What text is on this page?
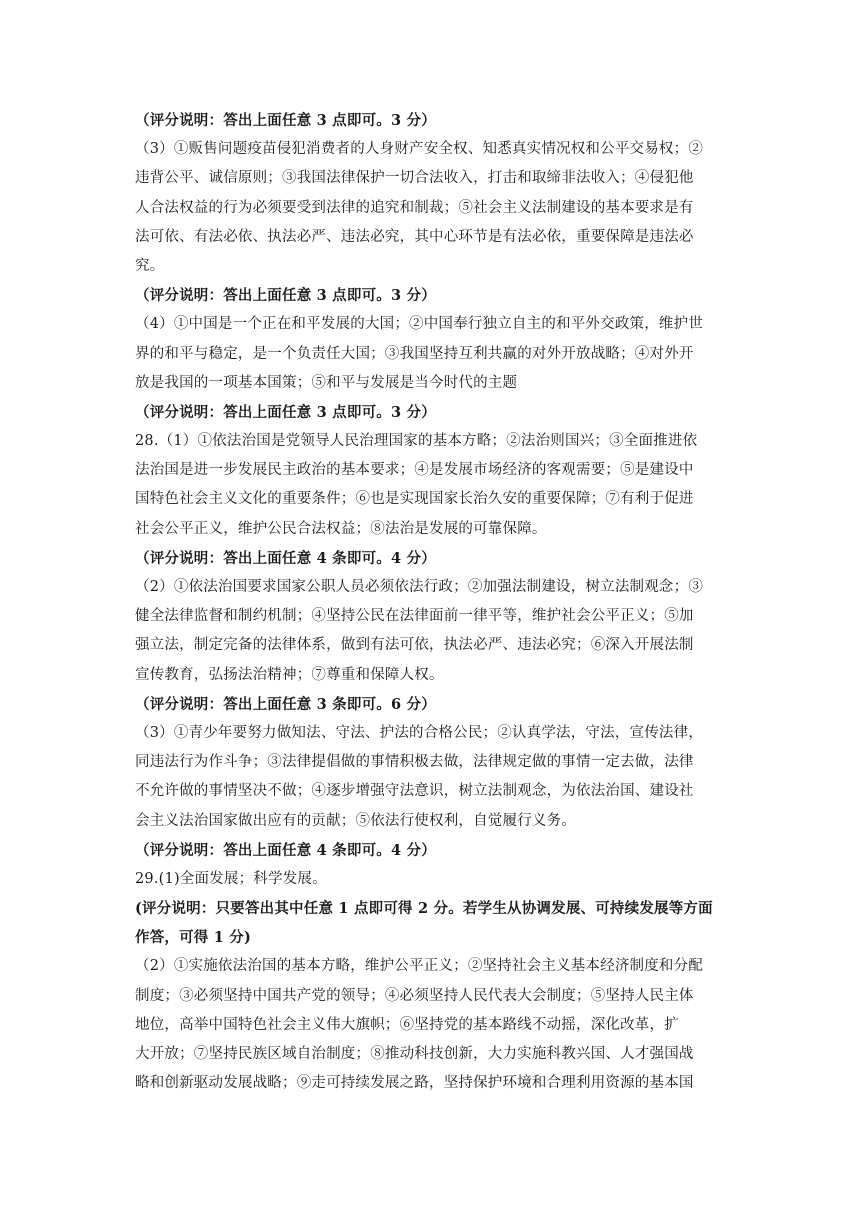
（评分说明：答出上面任意 3 点即可。3 分）
（3）①贩售问题疫苗侵犯消费者的人身财产安全权、知悉真实情况权和公平交易权；②
违背公平、诚信原则；③我国法律保护一切合法收入，打击和取缔非法收入；④侵犯他
人合法权益的行为必须要受到法律的追究和制裁；⑤社会主义法制建设的基本要求是有
法可依、有法必依、执法必严、违法必究，其中心环节是有法必依，重要保障是违法必
究。
（评分说明：答出上面任意 3 点即可。3 分）
（4）①中国是一个正在和平发展的大国；②中国奉行独立自主的和平外交政策，维护世
界的和平与稳定，是一个负责任大国；③我国坚持互利共赢的对外开放战略；④对外开
放是我国的一项基本国策；⑤和平与发展是当今时代的主题
（评分说明：答出上面任意 3 点即可。3 分）
28.（1）①依法治国是党领导人民治理国家的基本方略；②法治则国兴；③全面推进依
法治国是进一步发展民主政治的基本要求；④是发展市场经济的客观需要；⑤是建设中
国特色社会主义文化的重要条件；⑥也是实现国家长治久安的重要保障；⑦有利于促进
社会公平正义，维护公民合法权益；⑧法治是发展的可靠保障。
（评分说明：答出上面任意 4 条即可。4 分）
（2）①依法治国要求国家公职人员必须依法行政；②加强法制建设，树立法制观念；③
健全法律监督和制约机制；④坚持公民在法律面前一律平等，维护社会公平正义；⑤加
强立法，制定完备的法律体系，做到有法可依，执法必严、违法必究；⑥深入开展法制
宣传教育，弘扬法治精神；⑦尊重和保障人权。
（评分说明：答出上面任意 3 条即可。6 分）
（3）①青少年要努力做知法、守法、护法的合格公民；②认真学法，守法，宣传法律，
同违法行为作斗争；③法律提倡做的事情积极去做，法律规定做的事情一定去做，法律
不允许做的事情坚决不做；④逐步增强守法意识，树立法制观念，为依法治国、建设社
会主义法治国家做出应有的贡献；⑤依法行使权利，自觉履行义务。
（评分说明：答出上面任意 4 条即可。4 分）
29.(1)全面发展；科学发展。
(评分说明：只要答出其中任意 1 点即可得 2 分。若学生从协调发展、可持续发展等方面
作答，可得 1 分)
（2）①实施依法治国的基本方略，维护公平正义；②坚持社会主义基本经济制度和分配
制度；③必须坚持中国共产党的领导；④必须坚持人民代表大会制度；⑤坚持人民主体
地位，高举中国特色社会主义伟大旗帜；⑥坚持党的基本路线不动摇，深化改革，扩
大开放；⑦坚持民族区域自治制度；⑧推动科技创新，大力实施科教兴国、人才强国战
略和创新驱动发展战略；⑨走可持续发展之路，坚持保护环境和合理利用资源的基本国
